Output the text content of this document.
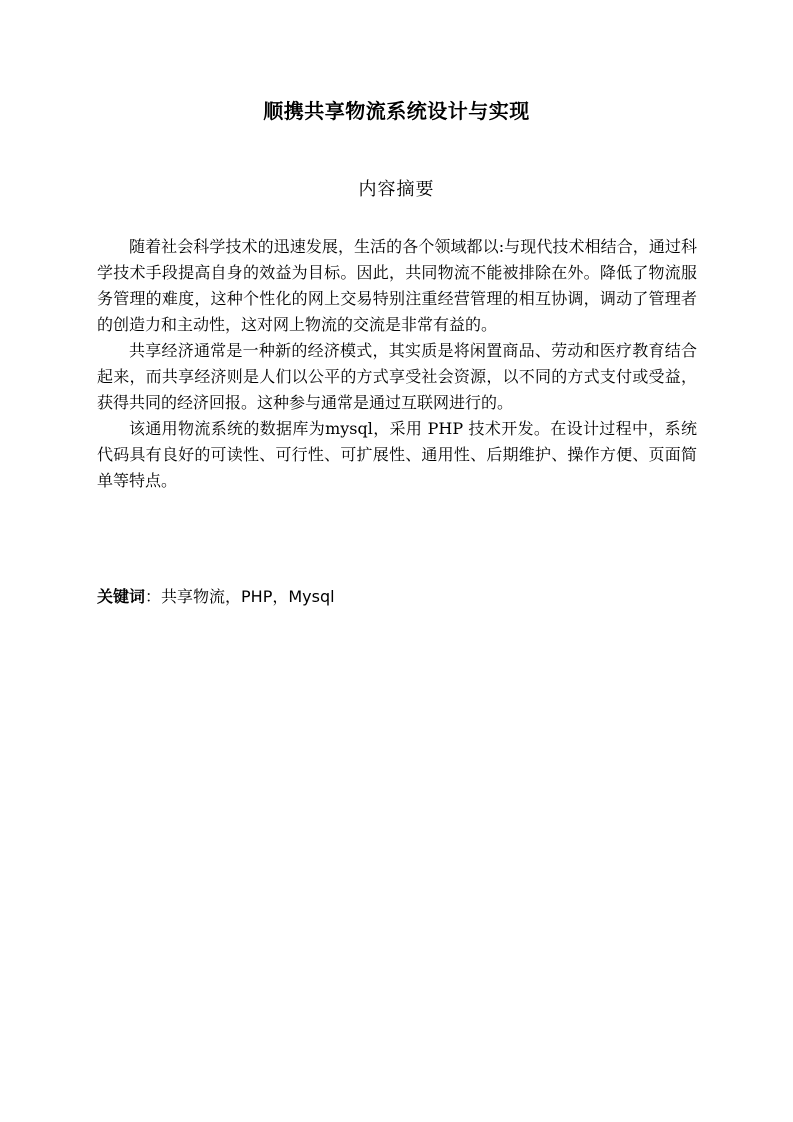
顺携共享物流系统设计与实现
内容摘要

随着社会科学技术的迅速发展，生活的各个领域都以:与现代技术相结合，通过科学技术手段提高自身的效益为目标。因此，共同物流不能被排除在外。降低了物流服务管理的难度，这种个性化的网上交易特别注重经营管理的相互协调，调动了管理者的创造力和主动性，这对网上物流的交流是非常有益的。

共享经济通常是一种新的经济模式，其实质是将闲置商品、劳动和医疗教育结合起来，而共享经济则是人们以公平的方式享受社会资源，以不同的方式支付或受益，获得共同的经济回报。这种参与通常是通过互联网进行的。

该通用物流系统的数据库为mysql，采用 PHP 技术开发。在设计过程中，系统代码具有良好的可读性、可行性、可扩展性、通用性、后期维护、操作方便、页面简单等特点。

关键词：共享物流，PHP，Mysql
